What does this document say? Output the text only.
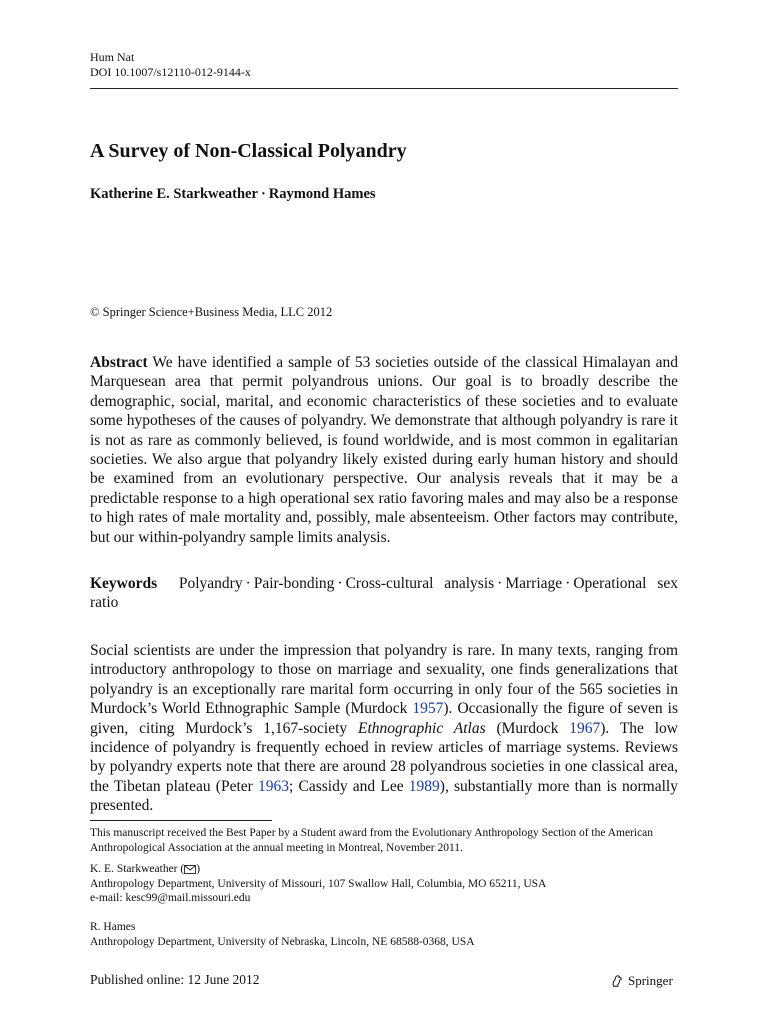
Hum Nat
DOI 10.1007/s12110-012-9144-x
A Survey of Non-Classical Polyandry
Katherine E. Starkweather · Raymond Hames
© Springer Science+Business Media, LLC 2012
Abstract We have identified a sample of 53 societies outside of the classical Himalayan and Marquesean area that permit polyandrous unions. Our goal is to broadly describe the demographic, social, marital, and economic characteristics of these societies and to evaluate some hypotheses of the causes of polyandry. We demonstrate that although polyandry is rare it is not as rare as commonly believed, is found worldwide, and is most common in egalitarian societies. We also argue that polyandry likely existed during early human history and should be examined from an evolutionary perspective. Our analysis reveals that it may be a predictable response to a high operational sex ratio favoring males and may also be a response to high rates of male mortality and, possibly, male absenteeism. Other factors may contribute, but our within-polyandry sample limits analysis.
Keywords Polyandry · Pair-bonding · Cross-cultural analysis · Marriage · Operational sex ratio
Social scientists are under the impression that polyandry is rare. In many texts, ranging from introductory anthropology to those on marriage and sexuality, one finds generalizations that polyandry is an exceptionally rare marital form occurring in only four of the 565 societies in Murdock’s World Ethnographic Sample (Murdock 1957). Occasionally the figure of seven is given, citing Murdock’s 1,167-society Ethnographic Atlas (Murdock 1967). The low incidence of polyandry is frequently echoed in review articles of marriage systems. Reviews by polyandry experts note that there are around 28 polyandrous societies in one classical area, the Tibetan plateau (Peter 1963; Cassidy and Lee 1989), substantially more than is normally presented.
This manuscript received the Best Paper by a Student award from the Evolutionary Anthropology Section of the American Anthropological Association at the annual meeting in Montreal, November 2011.
K. E. Starkweather ( )
Anthropology Department, University of Missouri, 107 Swallow Hall, Columbia, MO 65211, USA
e-mail: kesc99@mail.missouri.edu
R. Hames
Anthropology Department, University of Nebraska, Lincoln, NE 68588-0368, USA
Published online: 12 June 2012	Springer
